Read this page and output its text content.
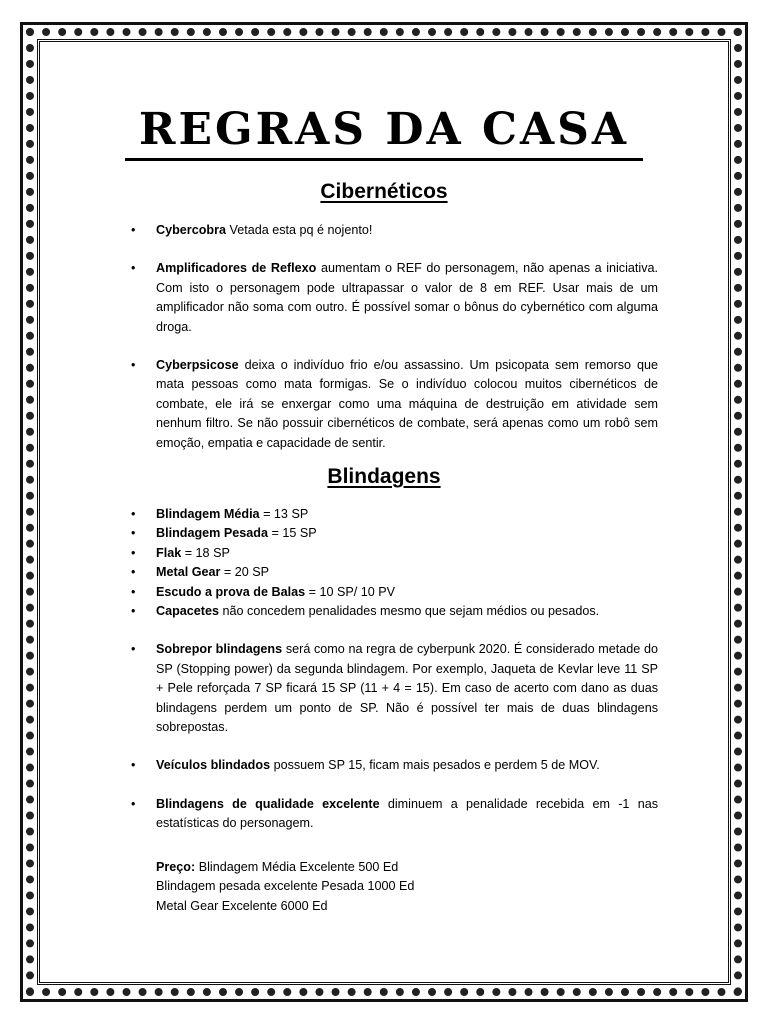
REGRAS DA CASA
Cibernéticos
• Cybercobra Vetada esta pq é nojento!
• Amplificadores de Reflexo aumentam o REF do personagem, não apenas a iniciativa. Com isto o personagem pode ultrapassar o valor de 8 em REF. Usar mais de um amplificador não soma com outro. É possível somar o bônus do cybernético com alguma droga.
• Cyberpsicose deixa o indivíduo frio e/ou assassino. Um psicopata sem remorso que mata pessoas como mata formigas. Se o indivíduo colocou muitos cibernéticos de combate, ele irá se enxergar como uma máquina de destruição em atividade sem nenhum filtro. Se não possuir cibernéticos de combate, será apenas como um robô sem emoção, empatia e capacidade de sentir.
Blindagens
• Blindagem Média = 13 SP
• Blindagem Pesada = 15 SP
• Flak = 18 SP
• Metal Gear = 20 SP
• Escudo a prova de Balas = 10 SP/ 10 PV
• Capacetes não concedem penalidades mesmo que sejam médios ou pesados.
• Sobrepor blindagens será como na regra de cyberpunk 2020. É considerado metade do SP (Stopping power) da segunda blindagem. Por exemplo, Jaqueta de Kevlar leve 11 SP + Pele reforçada 7 SP ficará 15 SP (11 + 4 = 15). Em caso de acerto com dano as duas blindagens perdem um ponto de SP. Não é possível ter mais de duas blindagens sobrepostas.
• Veículos blindados possuem SP 15, ficam mais pesados e perdem 5 de MOV.
• Blindagens de qualidade excelente diminuem a penalidade recebida em -1 nas estatísticas do personagem.
Preço: Blindagem Média Excelente 500 Ed
Blindagem pesada excelente Pesada 1000 Ed
Metal Gear Excelente 6000 Ed
